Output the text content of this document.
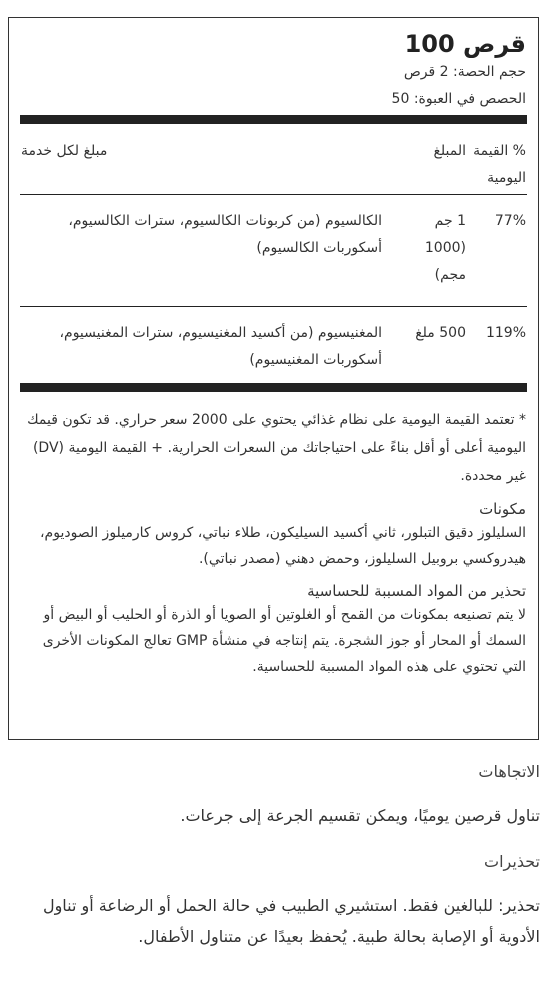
قرص 100
حجم الحصة: 2 قرص
الحصص في العبوة: 50
% القيمة اليومية
المبلغ
مبلغ لكل خدمة
77%
1 جم (1000 مجم)
الكالسيوم (من كربونات الكالسيوم، سترات الكالسيوم، أسكوربات الكالسيوم)
119%
500 ملغ
المغنيسيوم (من أكسيد المغنيسيوم، سترات المغنيسيوم، أسكوربات المغنيسيوم)
* تعتمد القيمة اليومية على نظام غذائي يحتوي على 2000 سعر حراري. قد تكون قيمك اليومية أعلى أو أقل بناءً على احتياجاتك من السعرات الحرارية. + القيمة اليومية (DV) غير محددة.
مكونات
السليلوز دقيق التبلور، ثاني أكسيد السيليكون، طلاء نباتي، كروس كارميلوز الصوديوم، هيدروكسي بروبيل السليلوز، وحمض دهني (مصدر نباتي).
تحذير من المواد المسببة للحساسية
لا يتم تصنيعه بمكونات من القمح أو الغلوتين أو الصويا أو الذرة أو الحليب أو البيض أو السمك أو المحار أو جوز الشجرة. يتم إنتاجه في منشأة GMP تعالج المكونات الأخرى التي تحتوي على هذه المواد المسببة للحساسية.
الاتجاهات
تناول قرصين يوميًا، ويمكن تقسيم الجرعة إلى جرعات.
تحذيرات
تحذير: للبالغين فقط. استشيري الطبيب في حالة الحمل أو الرضاعة أو تناول الأدوية أو الإصابة بحالة طبية. يُحفظ بعيدًا عن متناول الأطفال.
